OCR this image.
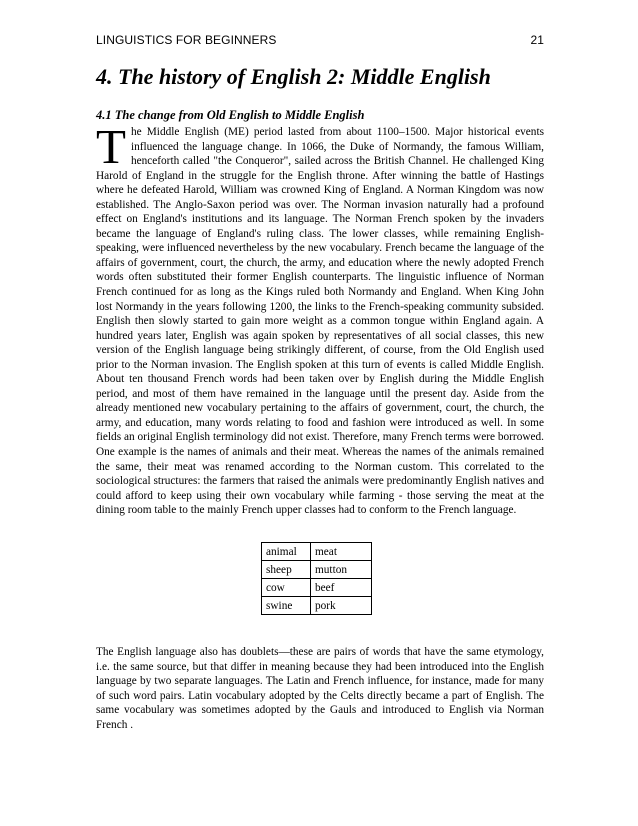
LINGUISTICS FOR BEGINNERS	21
4. The history of English 2: Middle English
4.1 The change from Old English to Middle English

The Middle English (ME) period lasted from about 1100–1500. Major historical events influenced the language change. In 1066, the Duke of Normandy, the famous William, henceforth called "the Conqueror", sailed across the British Channel. He challenged King Harold of England in the struggle for the English throne. After winning the battle of Hastings where he defeated Harold, William was crowned King of England. A Norman Kingdom was now established. The Anglo-Saxon period was over. The Norman invasion naturally had a profound effect on England's institutions and its language. The Norman French spoken by the invaders became the language of England's ruling class. The lower classes, while remaining English-speaking, were influenced nevertheless by the new vocabulary. French became the language of the affairs of government, court, the church, the army, and education where the newly adopted French words often substituted their former English counterparts. The linguistic influence of Norman French continued for as long as the Kings ruled both Normandy and England. When King John lost Normandy in the years following 1200, the links to the French-speaking community subsided. English then slowly started to gain more weight as a common tongue within England again. A hundred years later, English was again spoken by representatives of all social classes, this new version of the English language being strikingly different, of course, from the Old English used prior to the Norman invasion. The English spoken at this turn of events is called Middle English. About ten thousand French words had been taken over by English during the Middle English period, and most of them have remained in the language until the present day. Aside from the already mentioned new vocabulary pertaining to the affairs of government, court, the church, the army, and education, many words relating to food and fashion were introduced as well. In some fields an original English terminology did not exist. Therefore, many French terms were borrowed. One example is the names of animals and their meat. Whereas the names of the animals remained the same, their meat was renamed according to the Norman custom. This correlated to the sociological structures: the farmers that raised the animals were predominantly English natives and could afford to keep using their own vocabulary while farming - those serving the meat at the dining room table to the mainly French upper classes had to conform to the French language.

animal	meat
sheep	mutton
cow	beef
swine	pork

The English language also has doublets—these are pairs of words that have the same etymology, i.e. the same source, but that differ in meaning because they had been introduced into the English language by two separate languages. The Latin and French influence, for instance, made for many of such word pairs. Latin vocabulary adopted by the Celts directly became a part of English. The same vocabulary was sometimes adopted by the Gauls and introduced to English via Norman French .
